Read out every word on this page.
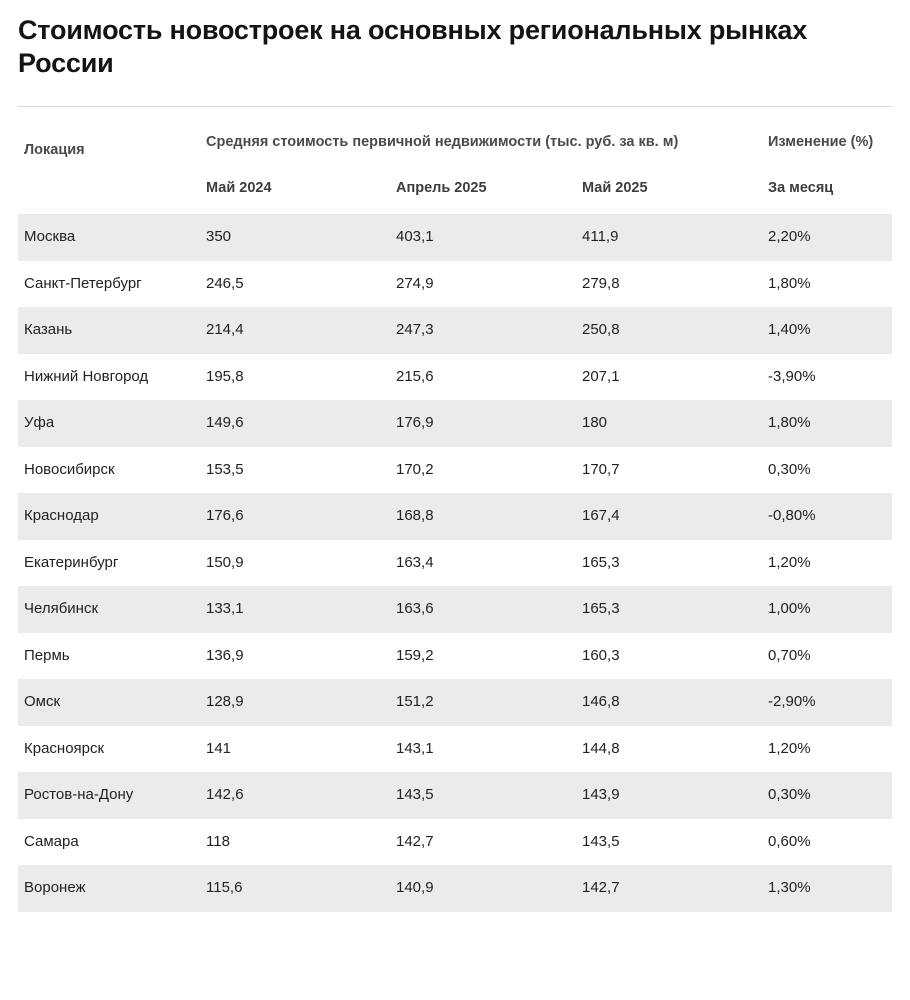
Стоимость новостроек на основных региональных рынках России
Локация	Средняя стоимость первичной недвижимости (тыс. руб. за кв. м)			Изменение (%)
	Май 2024	Апрель 2025	Май 2025	За месяц
Москва	350	403,1	411,9	2,20%
Санкт-Петербург	246,5	274,9	279,8	1,80%
Казань	214,4	247,3	250,8	1,40%
Нижний Новгород	195,8	215,6	207,1	-3,90%
Уфа	149,6	176,9	180	1,80%
Новосибирск	153,5	170,2	170,7	0,30%
Краснодар	176,6	168,8	167,4	-0,80%
Екатеринбург	150,9	163,4	165,3	1,20%
Челябинск	133,1	163,6	165,3	1,00%
Пермь	136,9	159,2	160,3	0,70%
Омск	128,9	151,2	146,8	-2,90%
Красноярск	141	143,1	144,8	1,20%
Ростов-на-Дону	142,6	143,5	143,9	0,30%
Самара	118	142,7	143,5	0,60%
Воронеж	115,6	140,9	142,7	1,30%
